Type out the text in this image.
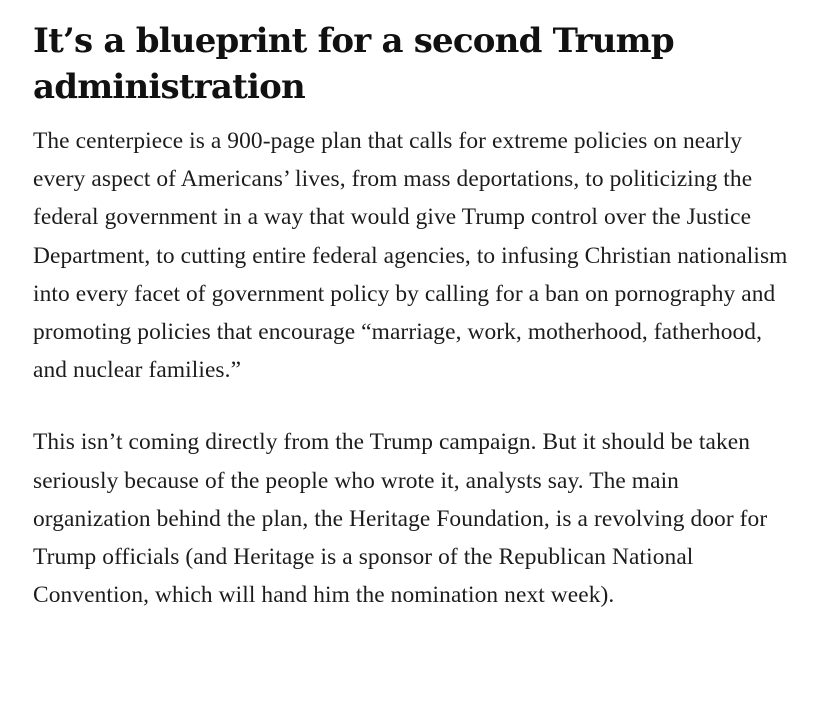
It’s a blueprint for a second Trump administration

The centerpiece is a 900-page plan that calls for extreme policies on nearly every aspect of Americans’ lives, from mass deportations, to politicizing the federal government in a way that would give Trump control over the Justice Department, to cutting entire federal agencies, to infusing Christian nationalism into every facet of government policy by calling for a ban on pornography and promoting policies that encourage “marriage, work, motherhood, fatherhood, and nuclear families.”

This isn’t coming directly from the Trump campaign. But it should be taken seriously because of the people who wrote it, analysts say. The main organization behind the plan, the Heritage Foundation, is a revolving door for Trump officials (and Heritage is a sponsor of the Republican National Convention, which will hand him the nomination next week).
